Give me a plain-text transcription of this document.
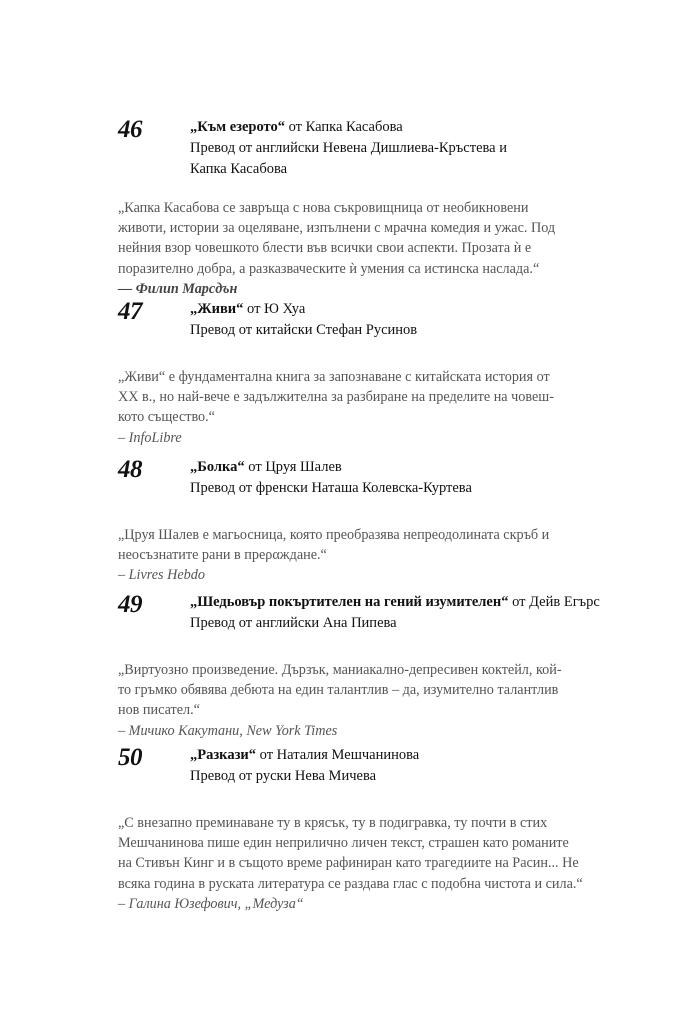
46	„Към езерото“ от Капка Касабова
Превод от английски Невена Дишлиева-Кръстева и
Капка Касабова

„Капка Касабова се завръща с нова съкровищница от необикновени

животи, истории за оцеляване, изпълнени с мрачна комедия и ужас. Под

нейния взор човешкото блести във всички свои аспекти. Прозата ѝ е

поразително добра, а разказваческите ѝ умения са истинска наслада.“

— Филип Марсдън

47	„Живи“ от Ю Хуа
Превод от китайски Стефан Русинов

„Живи“ е фундаментална книга за запознаване с китайската история от

XX в., но най-вече е задължителна за разбиране на пределите на човеш-

кото същество.“

– InfoLibre

48	„Болка“ от Цруя Шалев
Превод от френски Наташа Колевска-Куртева

„Цруя Шалев е магьосница, която преобразява непреодолината скръб и

неосъзнатите рани в преραждане.“

– Livres Hebdo

49	„Шедьовър покъртителен на гений изумителен“ от Дейв Егърс
Превод от английски Ана Пипева

„Виртуозно произведение. Дързък, маниакално-депресивен коктейл, кой-

то гръмко обявява дебюта на един талантлив – да, изумително талантлив

нов писател.“

– Мичико Какутани, New York Times

50	„Разкази“ от Наталия Мешчанинова
Превод от руски Нева Мичева

„С внезапно преминаване ту в крясък, ту в подигравка, ту почти в стих

Мешчанинова пише един неприлично личен текст, страшен като романите

на Стивън Кинг и в същото време рафиниран като трагедиите на Расин... Не

всяка година в руската литература се раздава глас с подобна чистота и сила.“

– Галина Юзефович, „Медуза“
